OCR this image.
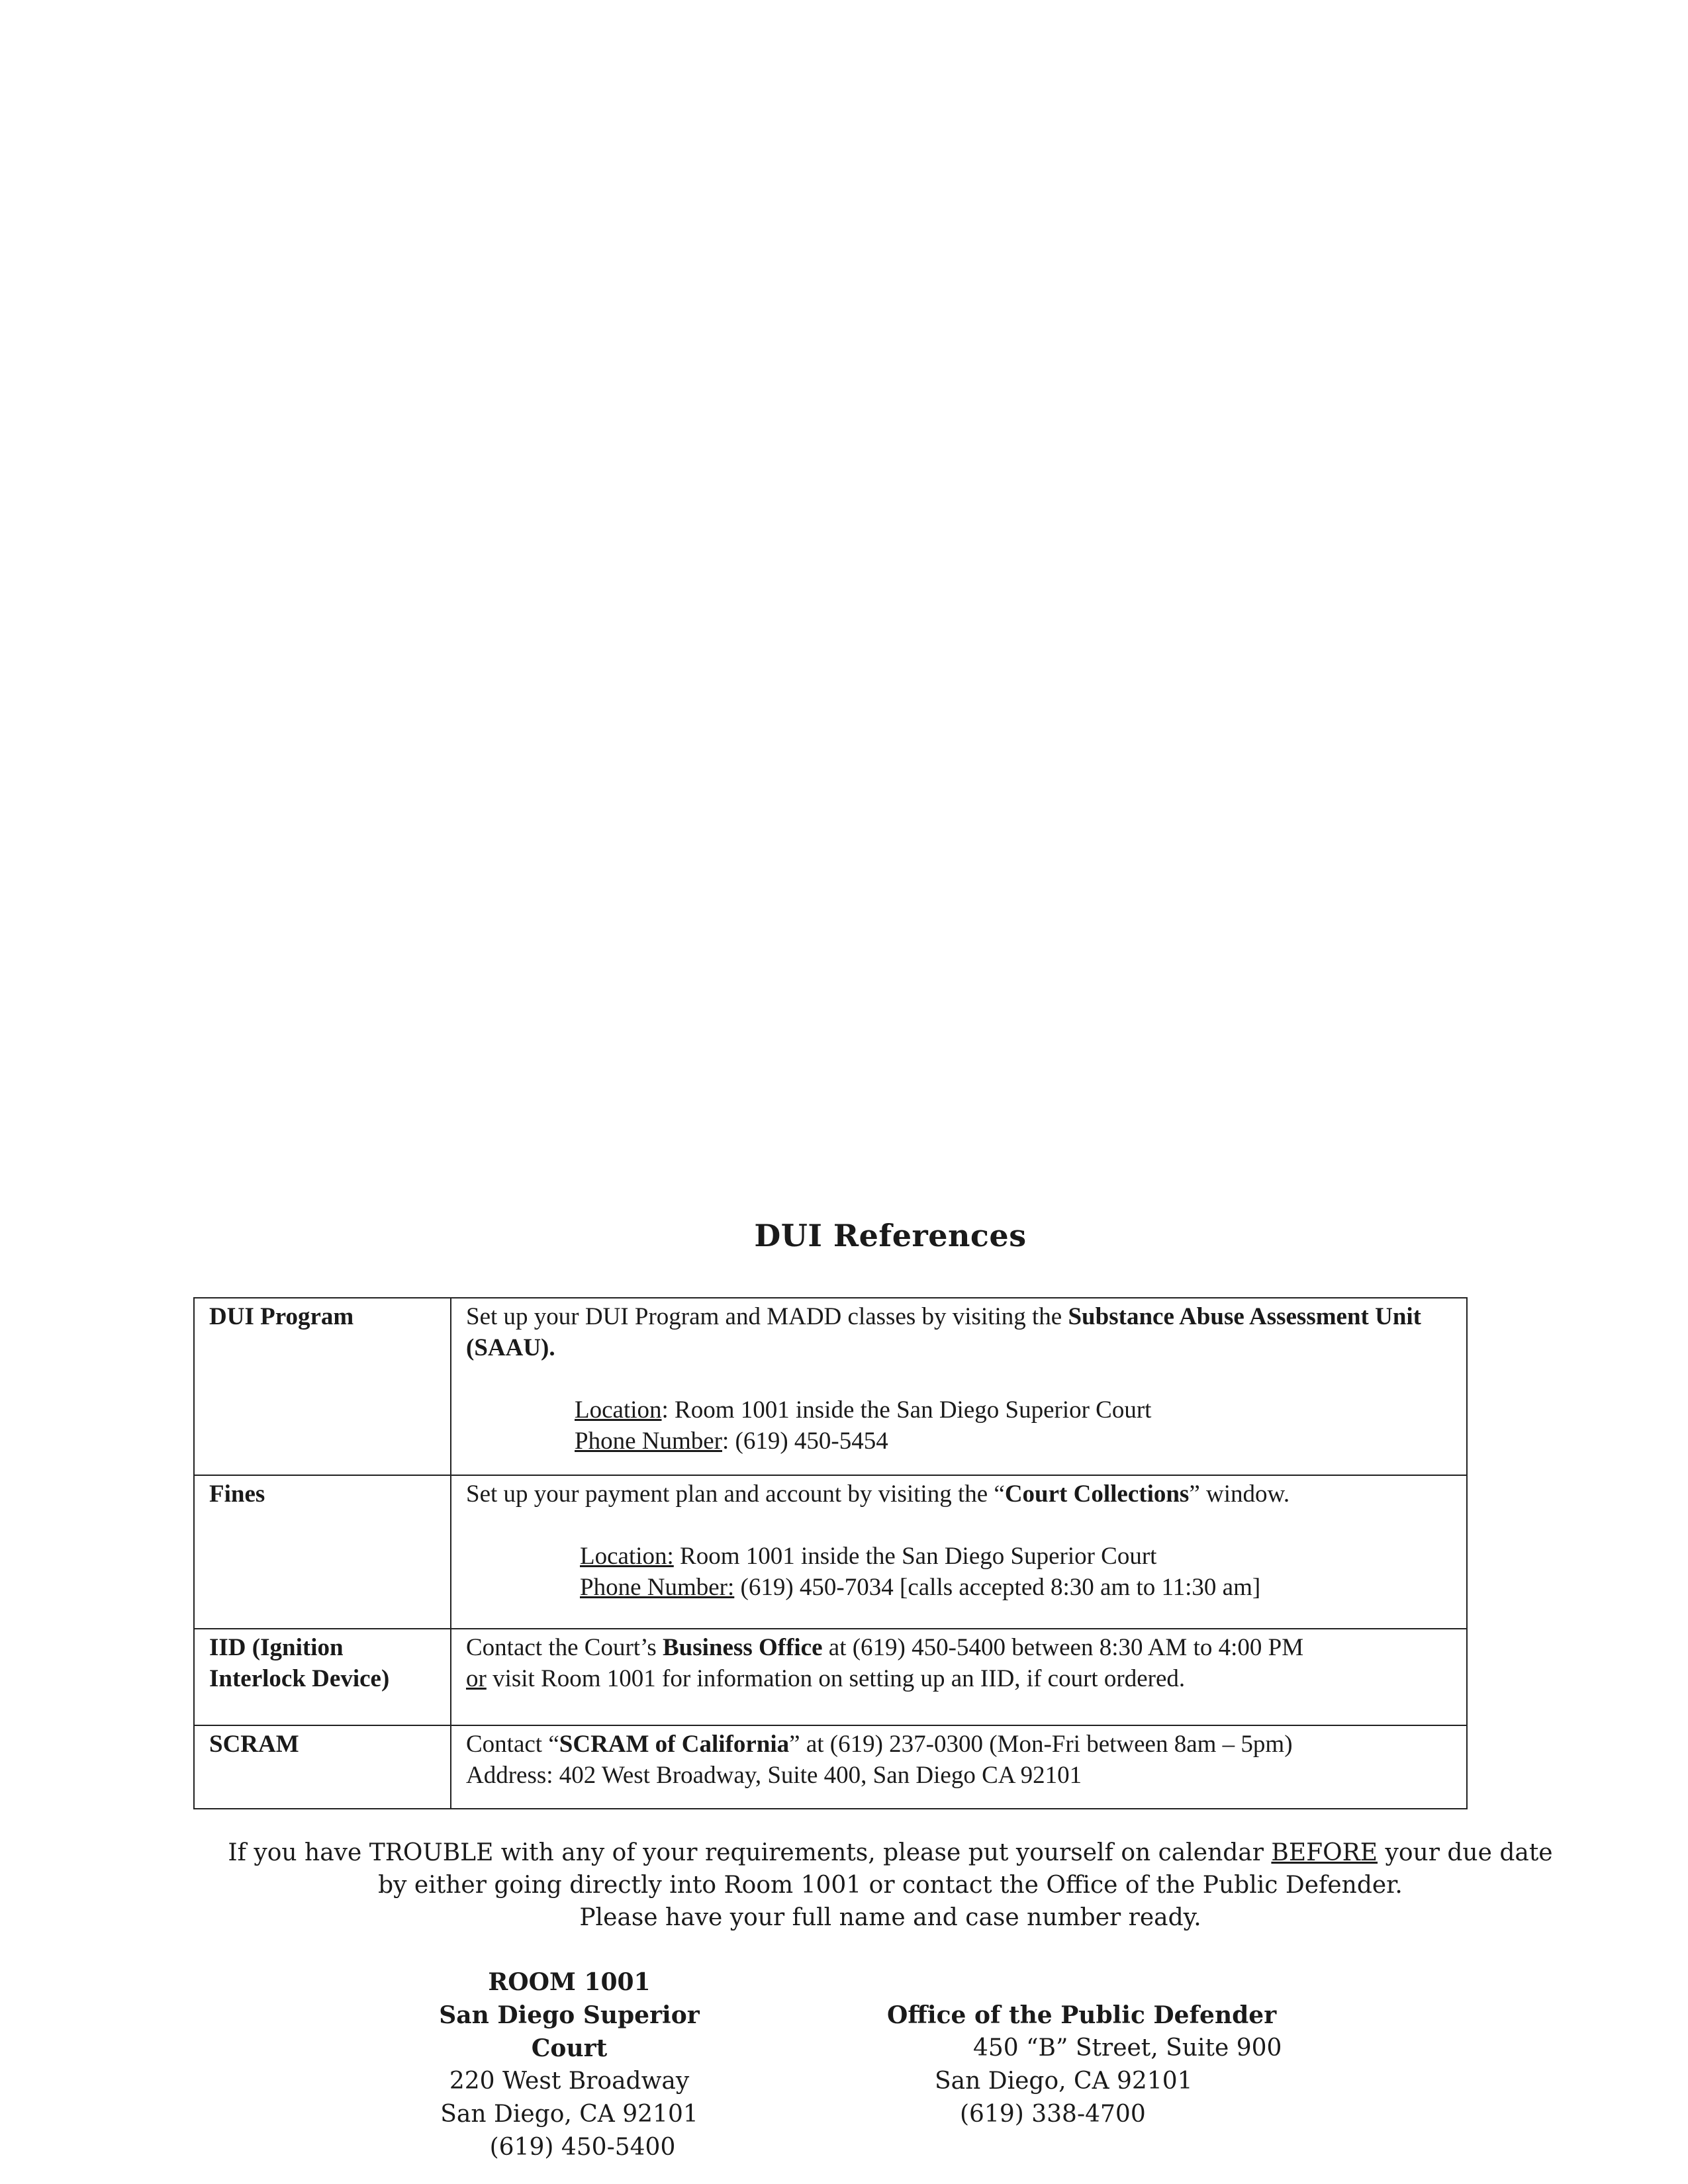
DUI References
DUI Program	Set up your DUI Program and MADD classes by visiting the Substance Abuse Assessment Unit (SAAU).
Location: Room 1001 inside the San Diego Superior Court
Phone Number: (619) 450-5454

Fines	Set up your payment plan and account by visiting the “Court Collections” window.
Location: Room 1001 inside the San Diego Superior Court
Phone Number: (619) 450-7034 [calls accepted 8:30 am to 11:30 am]

IID (Ignition Interlock Device)	Contact the Court’s Business Office at (619) 450-5400 between 8:30 AM to 4:00 PM
or visit Room 1001 for information on setting up an IID, if court ordered.

SCRAM	Contact “SCRAM of California” at (619) 237-0300 (Mon-Fri between 8am – 5pm)
Address: 402 West Broadway, Suite 400, San Diego CA 92101
If you have TROUBLE with any of your requirements, please put yourself on calendar BEFORE your due date
by either going directly into Room 1001 or contact the Office of the Public Defender.
Please have your full name and case number ready.
ROOM 1001
San Diego Superior Court
220 West Broadway
San Diego, CA 92101
(619) 450-5400
Office of the Public Defender
450 “B” Street, Suite 900
San Diego, CA 92101
(619) 338-4700
